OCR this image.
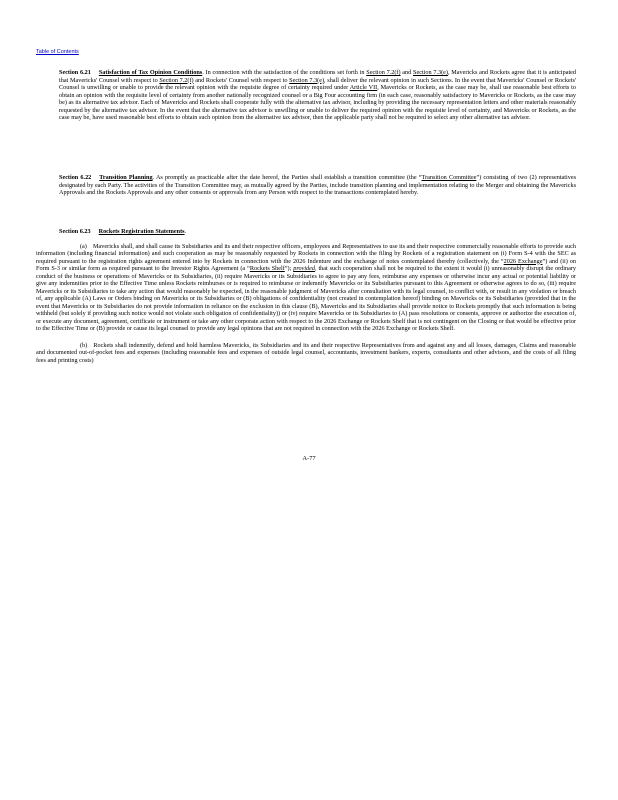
Table of Contents

Section 6.21 Satisfaction of Tax Opinion Conditions. In connection with the satisfaction of the conditions set forth in Section 7.2(f) and Section 7.3(e), Mavericks and Rockets agree that it is anticipated that Mavericks' Counsel with respect to Section 7.2(f) and Rockets' Counsel with respect to Section 7.3(e), shall deliver the relevant opinion in such Sections. In the event that Mavericks' Counsel or Rockets' Counsel is unwilling or unable to provide the relevant opinion with the requisite degree of certainty required under Article VII, Mavericks or Rockets, as the case may be, shall use reasonable best efforts to obtain an opinion with the requisite level of certainty from another nationally recognized counsel or a Big Four accounting firm (in each case, reasonably satisfactory to Mavericks or Rockets, as the case may be) as its alternative tax advisor. Each of Mavericks and Rockets shall cooperate fully with the alternative tax advisor, including by providing the necessary representation letters and other materials reasonably requested by the alternative tax advisor. In the event that the alternative tax advisor is unwilling or unable to deliver the required opinion with the requisite level of certainty, and Mavericks or Rockets, as the case may be, have used reasonable best efforts to obtain such opinion from the alternative tax advisor, then the applicable party shall not be required to select any other alternative tax advisor.

Section 6.22 Transition Planning. As promptly as practicable after the date hereof, the Parties shall establish a transition committee (the “Transition Committee”) consisting of two (2) representatives designated by each Party. The activities of the Transition Committee may, as mutually agreed by the Parties, include transition planning and implementation relating to the Merger and obtaining the Mavericks Approvals and the Rockets Approvals and any other consents or approvals from any Person with respect to the transactions contemplated hereby.

Section 6.23 Rockets Registration Statements.

(a) Mavericks shall, and shall cause its Subsidiaries and its and their respective officers, employees and Representatives to use its and their respective commercially reasonable efforts to provide such information (including financial information) and such cooperation as may be reasonably requested by Rockets in connection with the filing by Rockets of a registration statement on (i) Form S-4 with the SEC as required pursuant to the registration rights agreement entered into by Rockets in connection with the 2026 Indenture and the exchange of notes contemplated thereby (collectively, the “2026 Exchange”) and (ii) on Form S-3 or similar form as required pursuant to the Investor Rights Agreement (a “Rockets Shelf”); provided, that such cooperation shall not be required to the extent it would (i) unreasonably disrupt the ordinary conduct of the business or operations of Mavericks or its Subsidiaries, (ii) require Mavericks or its Subsidiaries to agree to pay any fees, reimburse any expenses or otherwise incur any actual or potential liability or give any indemnities prior to the Effective Time unless Rockets reimburses or is required to reimburse or indemnify Mavericks or its Subsidiaries pursuant to this Agreement or otherwise agrees to do so, (iii) require Mavericks or its Subsidiaries to take any action that would reasonably be expected, in the reasonable judgment of Mavericks after consultation with its legal counsel, to conflict with, or result in any violation or breach of, any applicable (A) Laws or Orders binding on Mavericks or its Subsidiaries or (B) obligations of confidentiality (not created in contemplation hereof) binding on Mavericks or its Subsidiaries (provided that in the event that Mavericks or its Subsidiaries do not provide information in reliance on the exclusion in this clause (B), Mavericks and its Subsidiaries shall provide notice to Rockets promptly that such information is being withheld (but solely if providing such notice would not violate such obligation of confidentiality)) or (iv) require Mavericks or its Subsidiaries to (A) pass resolutions or consents, approve or authorize the execution of, or execute any document, agreement, certificate or instrument or take any other corporate action with respect to the 2026 Exchange or Rockets Shelf that is not contingent on the Closing or that would be effective prior to the Effective Time or (B) provide or cause its legal counsel to provide any legal opinions that are not required in connection with the 2026 Exchange or Rockets Shelf.

(b) Rockets shall indemnify, defend and hold harmless Mavericks, its Subsidiaries and its and their respective Representatives from and against any and all losses, damages, Claims and reasonable and documented out-of-pocket fees and expenses (including reasonable fees and expenses of outside legal counsel, accountants, investment bankers, experts, consultants and other advisors, and the costs of all filing fees and printing costs)

A-77
